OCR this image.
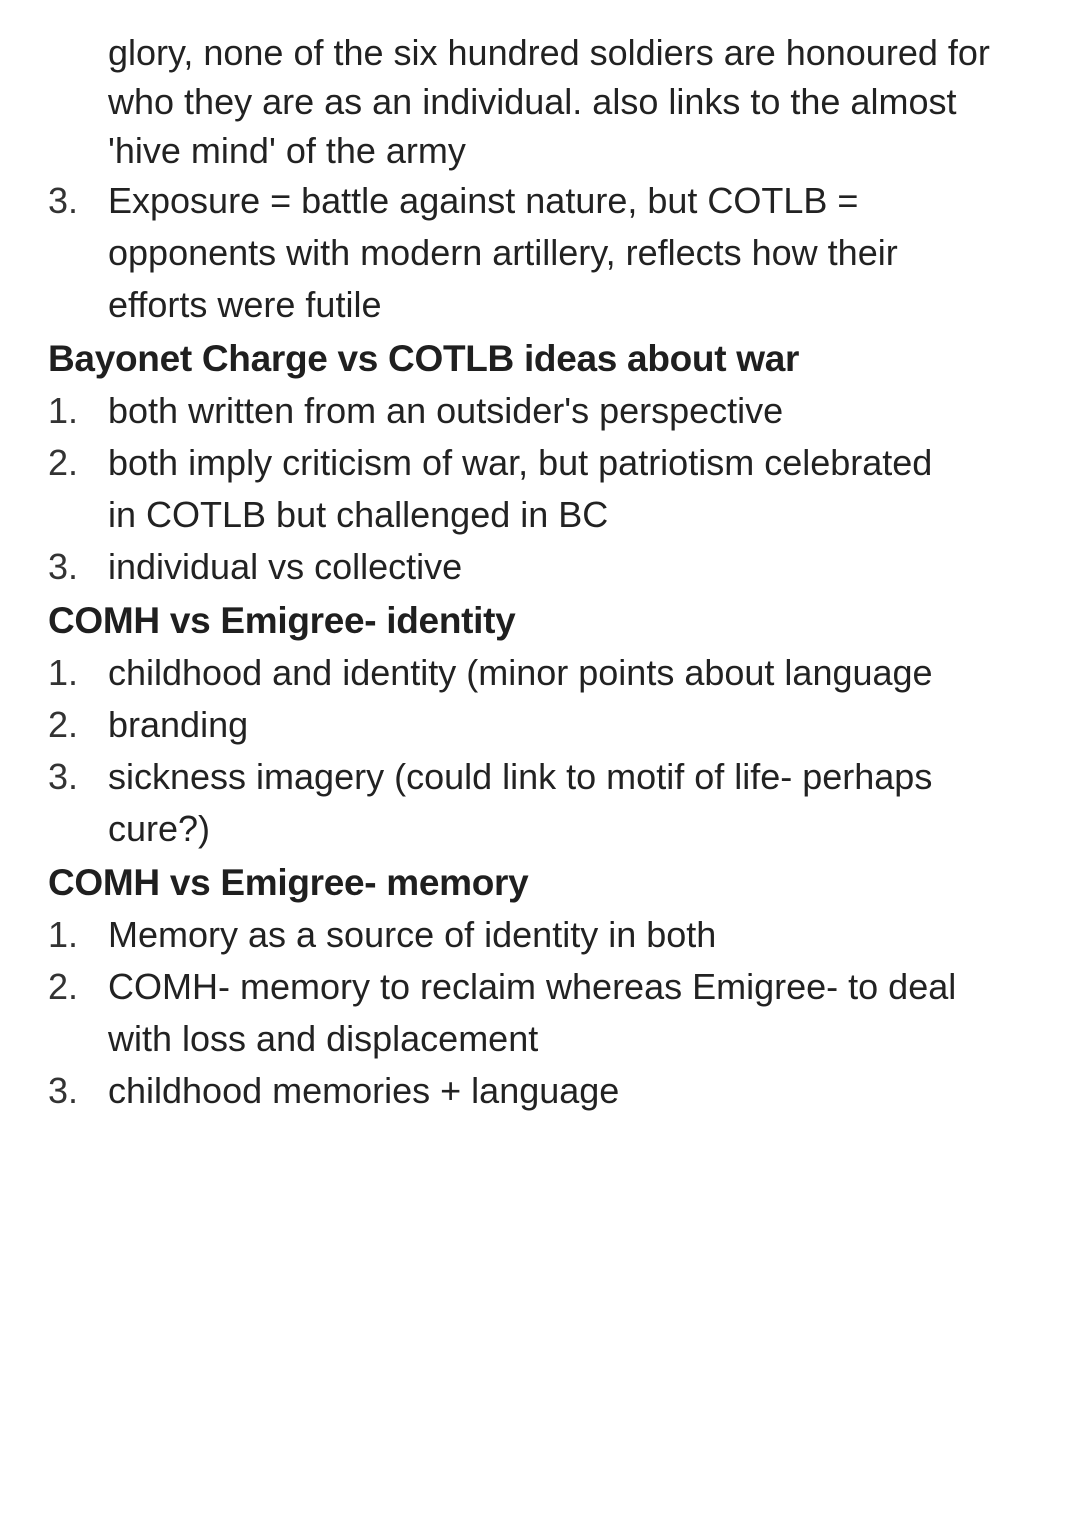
glory, none of the six hundred soldiers are honoured for
who they are as an individual. also links to the almost
'hive mind' of the army
3. Exposure = battle against nature, but COTLB =
opponents with modern artillery, reflects how their
efforts were futile
Bayonet Charge vs COTLB ideas about war
1. both written from an outsider's perspective
2. both imply criticism of war, but patriotism celebrated
in COTLB but challenged in BC
3. individual vs collective
COMH vs Emigree- identity
1. childhood and identity (minor points about language
2. branding
3. sickness imagery (could link to motif of life- perhaps
cure?)
COMH vs Emigree- memory
1. Memory as a source of identity in both
2. COMH- memory to reclaim whereas Emigree- to deal
with loss and displacement
3. childhood memories + language
